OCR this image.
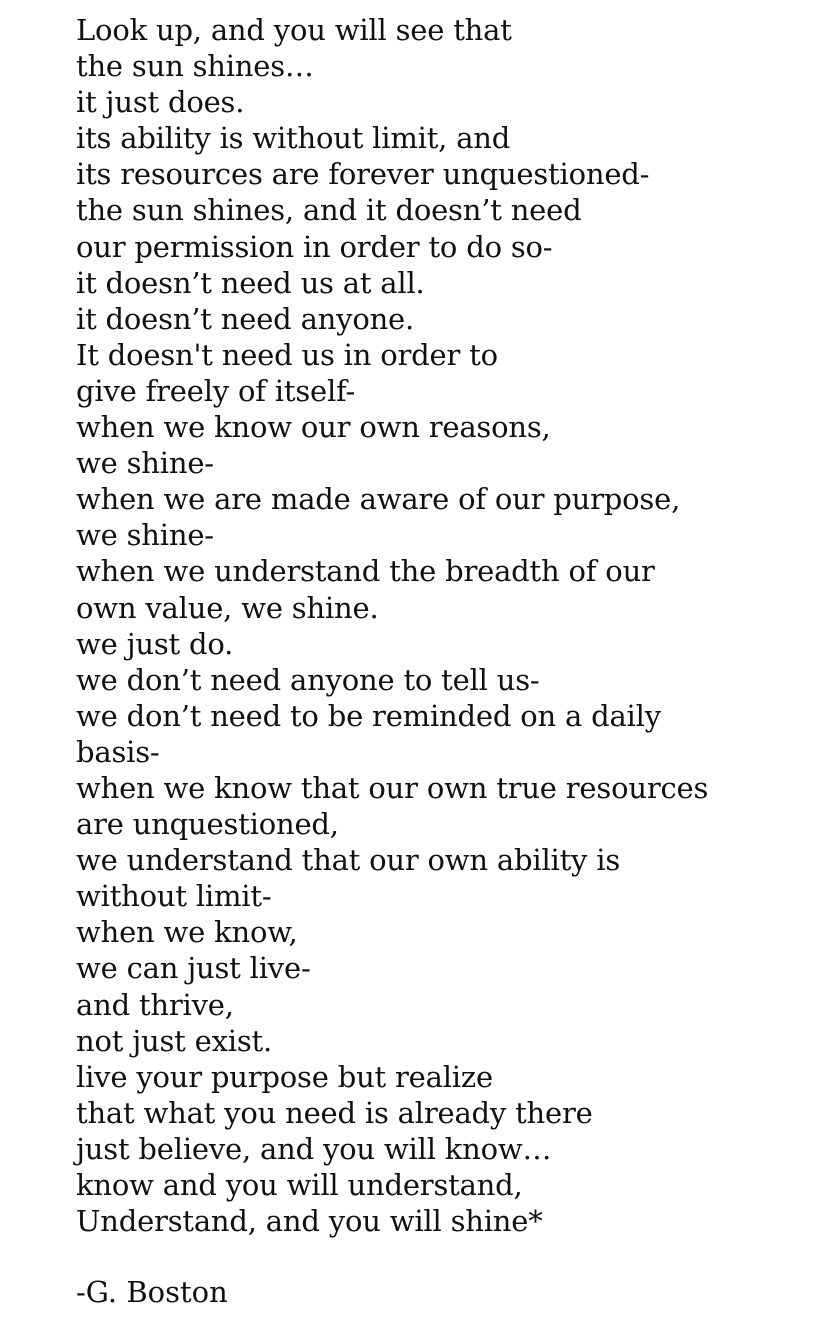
Look up, and you will see that
the sun shines…
it just does.
its ability is without limit, and
its resources are forever unquestioned-
the sun shines, and it doesn’t need
our permission in order to do so-
it doesn’t need us at all.
it doesn’t need anyone.
It doesn't need us in order to
give freely of itself-
when we know our own reasons,
we shine-
when we are made aware of our purpose,
we shine-
when we understand the breadth of our
own value, we shine.
we just do.
we don’t need anyone to tell us-
we don’t need to be reminded on a daily
basis-
when we know that our own true resources
are unquestioned,
we understand that our own ability is
without limit-
when we know,
we can just live-
and thrive,
not just exist.
live your purpose but realize
that what you need is already there
just believe, and you will know…
know and you will understand,
Understand, and you will shine*
-G. Boston
